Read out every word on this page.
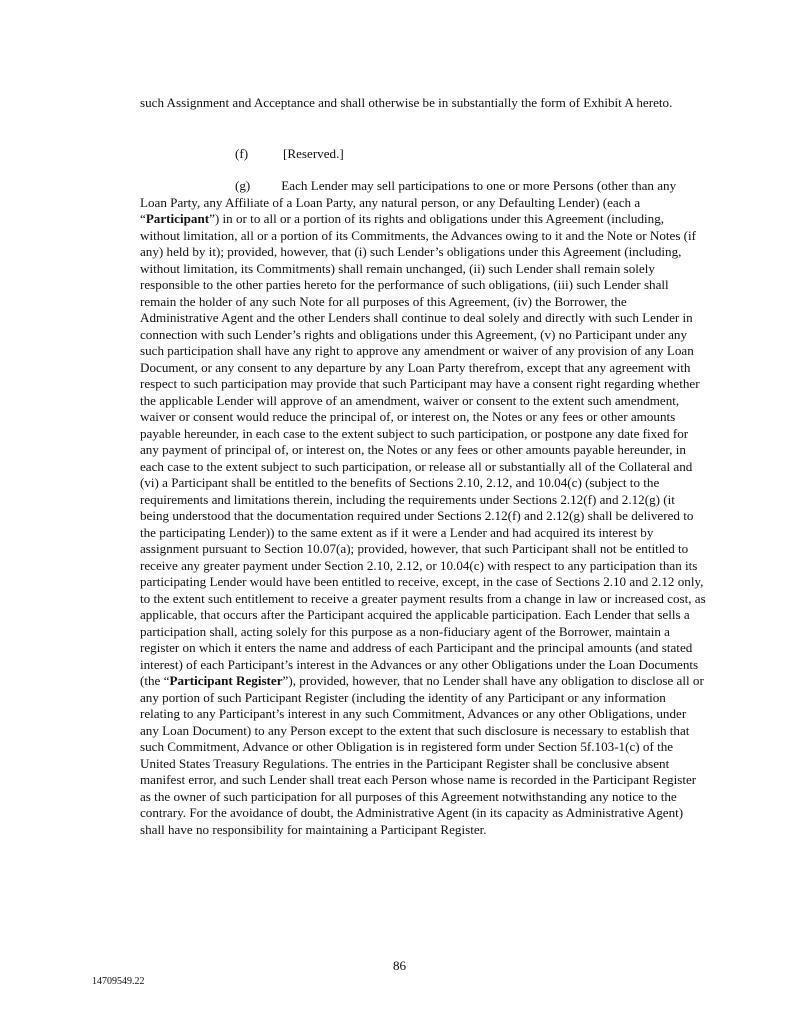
such Assignment and Acceptance and shall otherwise be in substantially the form of Exhibit A hereto.
(f)	[Reserved.]
(g) Each Lender may sell participations to one or more Persons (other than any Loan Party, any Affiliate of a Loan Party, any natural person, or any Defaulting Lender) (each a “Participant”) in or to all or a portion of its rights and obligations under this Agreement (including, without limitation, all or a portion of its Commitments, the Advances owing to it and the Note or Notes (if any) held by it); provided, however, that (i) such Lender’s obligations under this Agreement (including, without limitation, its Commitments) shall remain unchanged, (ii) such Lender shall remain solely responsible to the other parties hereto for the performance of such obligations, (iii) such Lender shall remain the holder of any such Note for all purposes of this Agreement, (iv) the Borrower, the Administrative Agent and the other Lenders shall continue to deal solely and directly with such Lender in connection with such Lender’s rights and obligations under this Agreement, (v) no Participant under any such participation shall have any right to approve any amendment or waiver of any provision of any Loan Document, or any consent to any departure by any Loan Party therefrom, except that any agreement with respect to such participation may provide that such Participant may have a consent right regarding whether the applicable Lender will approve of an amendment, waiver or consent to the extent such amendment, waiver or consent would reduce the principal of, or interest on, the Notes or any fees or other amounts payable hereunder, in each case to the extent subject to such participation, or postpone any date fixed for any payment of principal of, or interest on, the Notes or any fees or other amounts payable hereunder, in each case to the extent subject to such participation, or release all or substantially all of the Collateral and (vi) a Participant shall be entitled to the benefits of Sections 2.10, 2.12, and 10.04(c) (subject to the requirements and limitations therein, including the requirements under Sections 2.12(f) and 2.12(g) (it being understood that the documentation required under Sections 2.12(f) and 2.12(g) shall be delivered to the participating Lender)) to the same extent as if it were a Lender and had acquired its interest by assignment pursuant to Section 10.07(a); provided, however, that such Participant shall not be entitled to receive any greater payment under Section 2.10, 2.12, or 10.04(c) with respect to any participation than its participating Lender would have been entitled to receive, except, in the case of Sections 2.10 and 2.12 only, to the extent such entitlement to receive a greater payment results from a change in law or increased cost, as applicable, that occurs after the Participant acquired the applicable participation. Each Lender that sells a participation shall, acting solely for this purpose as a non-fiduciary agent of the Borrower, maintain a register on which it enters the name and address of each Participant and the principal amounts (and stated interest) of each Participant’s interest in the Advances or any other Obligations under the Loan Documents (the “Participant Register”), provided, however, that no Lender shall have any obligation to disclose all or any portion of such Participant Register (including the identity of any Participant or any information relating to any Participant’s interest in any such Commitment, Advances or any other Obligations, under any Loan Document) to any Person except to the extent that such disclosure is necessary to establish that such Commitment, Advance or other Obligation is in registered form under Section 5f.103-1(c) of the United States Treasury Regulations. The entries in the Participant Register shall be conclusive absent manifest error, and such Lender shall treat each Person whose name is recorded in the Participant Register as the owner of such participation for all purposes of this Agreement notwithstanding any notice to the contrary. For the avoidance of doubt, the Administrative Agent (in its capacity as Administrative Agent) shall have no responsibility for maintaining a Participant Register.
86
14709549.22
